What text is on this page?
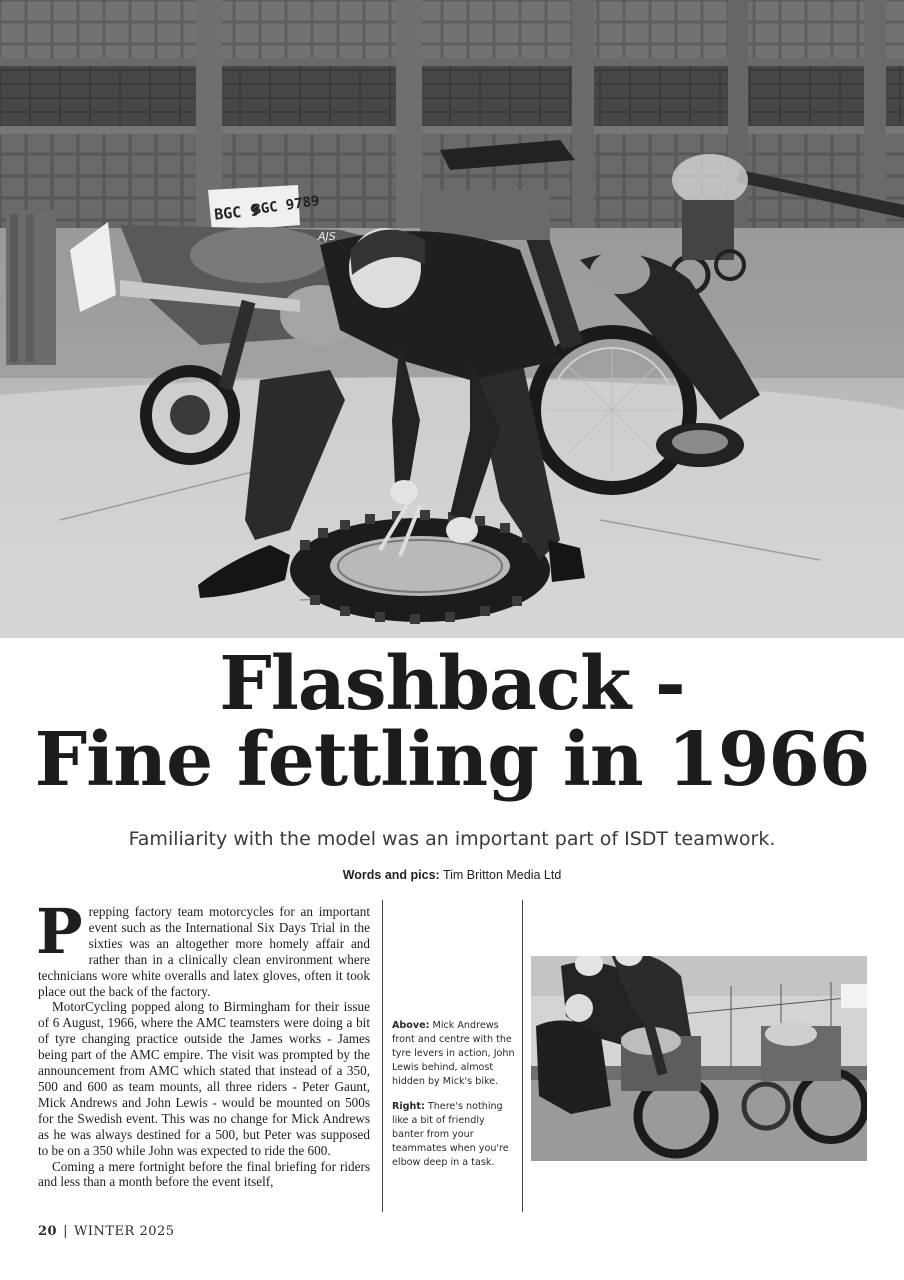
BGC 9
BGC 9789
AJS
Flashback -
Fine fettling in 1966
Familiarity with the model was an important part of ISDT teamwork.
Words and pics: Tim Britton Media Ltd

Prepping factory team motorcycles for an important event such as the International Six Days Trial in the sixties was an altogether more homely affair and rather than in a clinically clean environment where technicians wore white overalls and latex gloves, often it took place out the back of the factory.

MotorCycling popped along to Birmingham for their issue of 6 August, 1966, where the AMC teamsters were doing a bit of tyre changing practice outside the James works - James being part of the AMC empire. The visit was prompted by the announcement from AMC which stated that instead of a 350, 500 and 600 as team mounts, all three riders - Peter Gaunt, Mick Andrews and John Lewis - would be mounted on 500s for the Swedish event. This was no change for Mick Andrews as he was always destined for a 500, but Peter was supposed to be on a 350 while John was expected to ride the 600.

Coming a mere fortnight before the final briefing for riders and less than a month before the event itself,

Above: Mick Andrews front and centre with the tyre levers in action, John Lewis behind, almost hidden by Mick's bike.

Right: There's nothing like a bit of friendly banter from your teammates when you're elbow deep in a task.

20 | WINTER 2025
